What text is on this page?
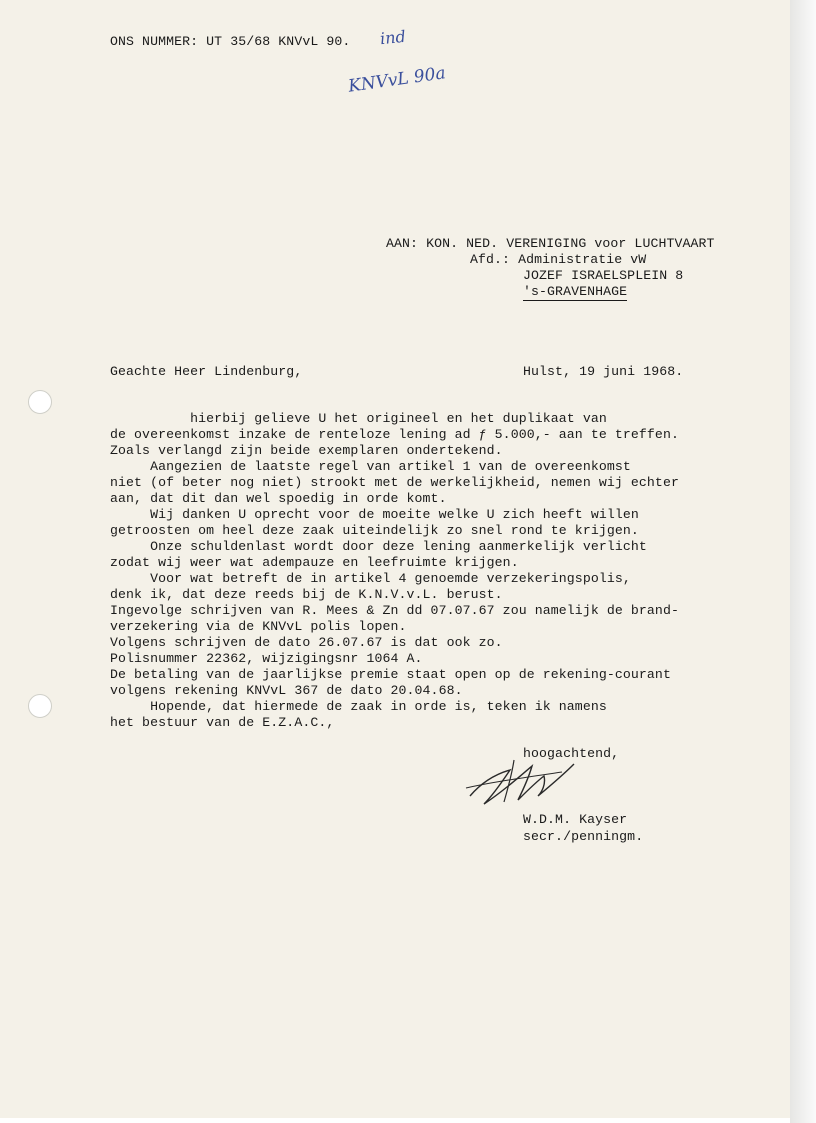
ONS NUMMER: UT 35/68 KNVvL 90. ind
KNVvL 90a

AAN: KON. NED. VERENIGING voor LUCHTVAART

Afd.: Administratie vW

JOZEF ISRAELSPLEIN 8

's-GRAVENHAGE

Geachte Heer Lindenburg,	Hulst, 19 juni 1968.

hierbij gelieve U het origineel en het duplikaat van

de overeenkomst inzake de renteloze lening ad ƒ 5.000,- aan te treffen.

Zoals verlangd zijn beide exemplaren ondertekend.

Aangezien de laatste regel van artikel 1 van de overeenkomst

niet (of beter nog niet) strookt met de werkelijkheid, nemen wij echter

aan, dat dit dan wel spoedig in orde komt.

Wij danken U oprecht voor de moeite welke U zich heeft willen

getroosten om heel deze zaak uiteindelijk zo snel rond te krijgen.

Onze schuldenlast wordt door deze lening aanmerkelijk verlicht

zodat wij weer wat adempauze en leefruimte krijgen.

Voor wat betreft de in artikel 4 genoemde verzekeringspolis,

denk ik, dat deze reeds bij de K.N.V.v.L. berust.

Ingevolge schrijven van R. Mees & Zn dd 07.07.67 zou namelijk de brand-

verzekering via de KNVvL polis lopen.

Volgens schrijven de dato 26.07.67 is dat ook zo.

Polisnummer 22362, wijzigingsnr 1064 A.

De betaling van de jaarlijkse premie staat open op de rekening-courant

volgens rekening KNVvL 367 de dato 20.04.68.

Hopende, dat hiermede de zaak in orde is, teken ik namens

het bestuur van de E.Z.A.C.,

hoogachtend,

W.D.M. Kayser

secr./penningm.
